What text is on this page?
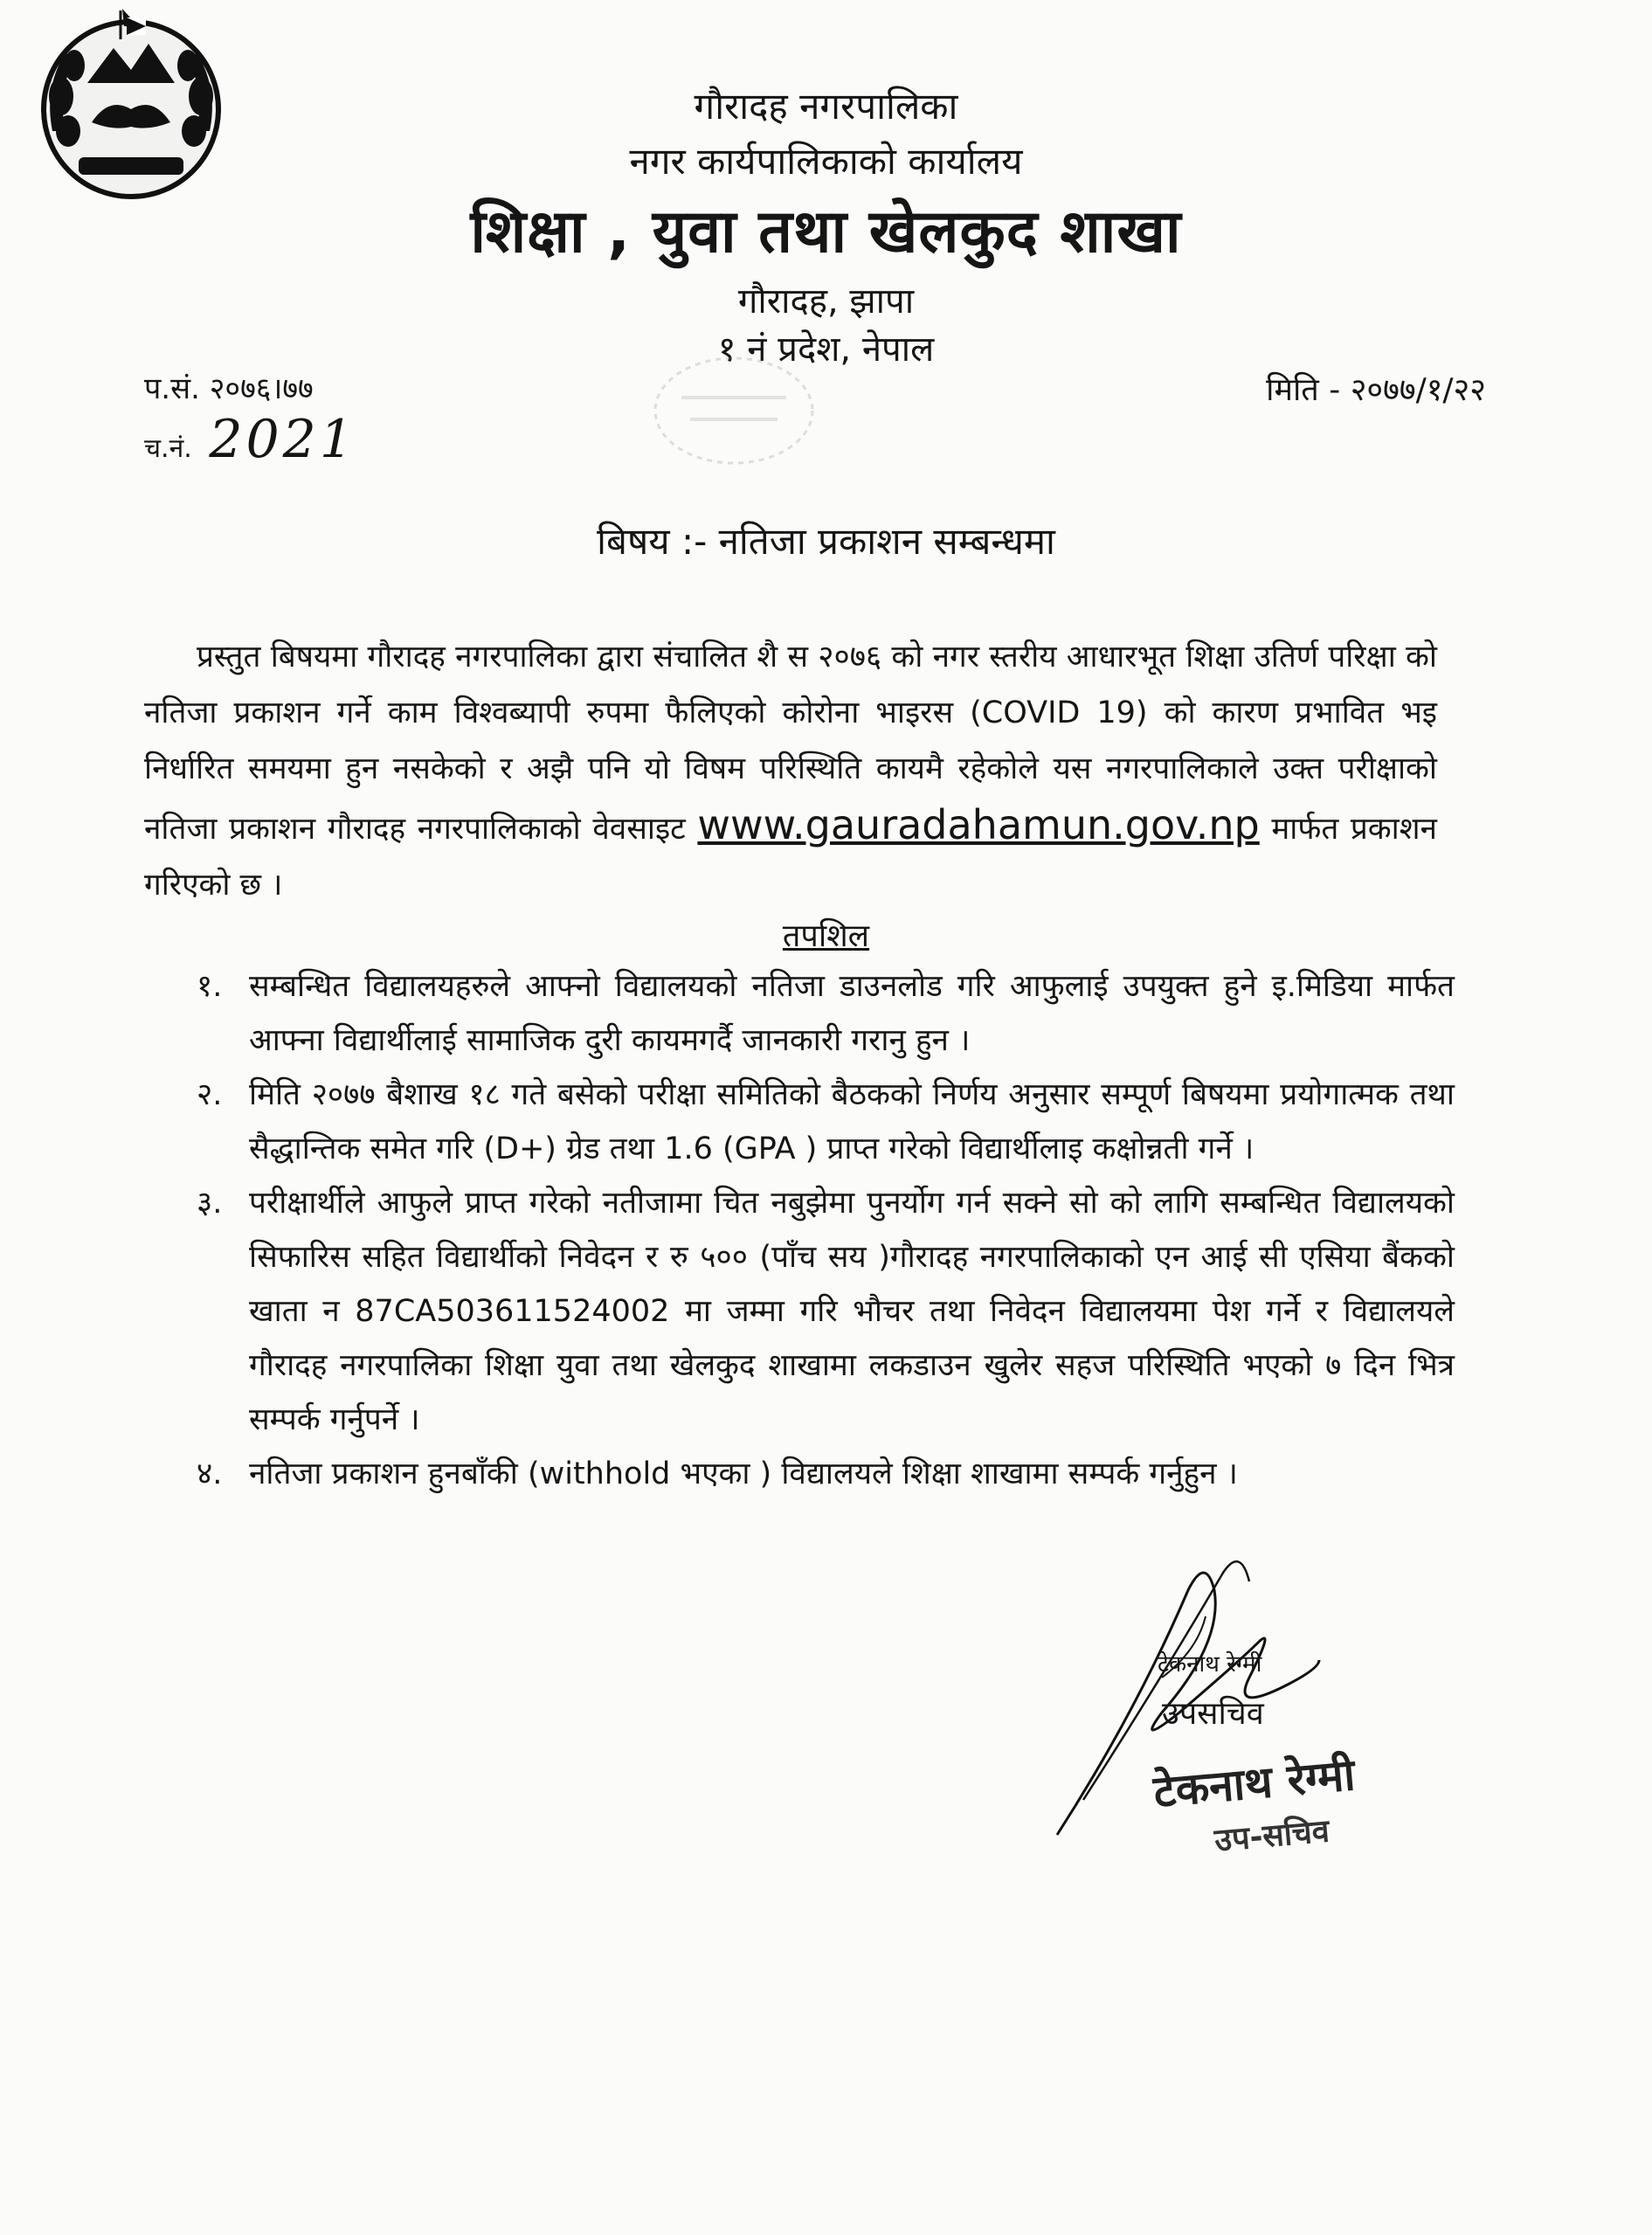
गौरादह नगरपालिका
नगर कार्यपालिकाको कार्यालय
शिक्षा , युवा तथा खेलकुद शाखा
गौरादह, झापा
१ नं प्रदेश, नेपाल
प.सं. २०७६।७७
च.नं. 2021
मिति - २०७७/१/२२
बिषय :- नतिजा प्रकाशन सम्बन्धमा
प्रस्तुत बिषयमा गौरादह नगरपालिका द्वारा संचालित शै स २०७६ को नगर स्तरीय आधारभूत शिक्षा उतिर्ण परिक्षा को नतिजा प्रकाशन गर्ने काम विश्वब्यापी रुपमा फैलिएको कोरोना भाइरस (COVID 19) को कारण प्रभावित भइ निर्धारित समयमा हुन नसकेको र अझै पनि यो विषम परिस्थिति कायमै रहेकोले यस नगरपालिकाले उक्त परीक्षाको नतिजा प्रकाशन गौरादह नगरपालिकाको वेवसाइट www.gauradahamun.gov.np मार्फत प्रकाशन गरिएको छ ।
तपशिल
१. सम्बन्धित विद्यालयहरुले आफ्नो विद्यालयको नतिजा डाउनलोड गरि आफुलाई उपयुक्त हुने इ.मिडिया मार्फत आफ्ना विद्यार्थीलाई सामाजिक दुरी कायमगर्दै जानकारी गरानु हुन ।
२. मिति २०७७ बैशाख १८ गते बसेको परीक्षा समितिको बैठकको निर्णय अनुसार सम्पूर्ण बिषयमा प्रयोगात्मक तथा सैद्धान्तिक समेत गरि (D+) ग्रेड तथा 1.6 (GPA ) प्राप्त गरेको विद्यार्थीलाइ कक्षोन्नती गर्ने ।
३. परीक्षार्थीले आफुले प्राप्त गरेको नतीजामा चित नबुझेमा पुनर्योग गर्न सक्ने सो को लागि सम्बन्धित विद्यालयको सिफारिस सहित विद्यार्थीको निवेदन र रु ५०० (पाँच सय )गौरादह नगरपालिकाको एन आई सी एसिया बैंकको खाता न 87CA503611524002 मा जम्मा गरि भौचर तथा निवेदन विद्यालयमा पेश गर्ने र विद्यालयले गौरादह नगरपालिका शिक्षा युवा तथा खेलकुद शाखामा लकडाउन खुलेर सहज परिस्थिति भएको ७ दिन भित्र सम्पर्क गर्नुपर्ने ।
४. नतिजा प्रकाशन हुनबाँकी (withhold भएका ) विद्यालयले शिक्षा शाखामा सम्पर्क गर्नुहुन ।
टेकनाथ रेग्मी
उपसचिव
टेकनाथ रेग्मी
उप-सचिव
